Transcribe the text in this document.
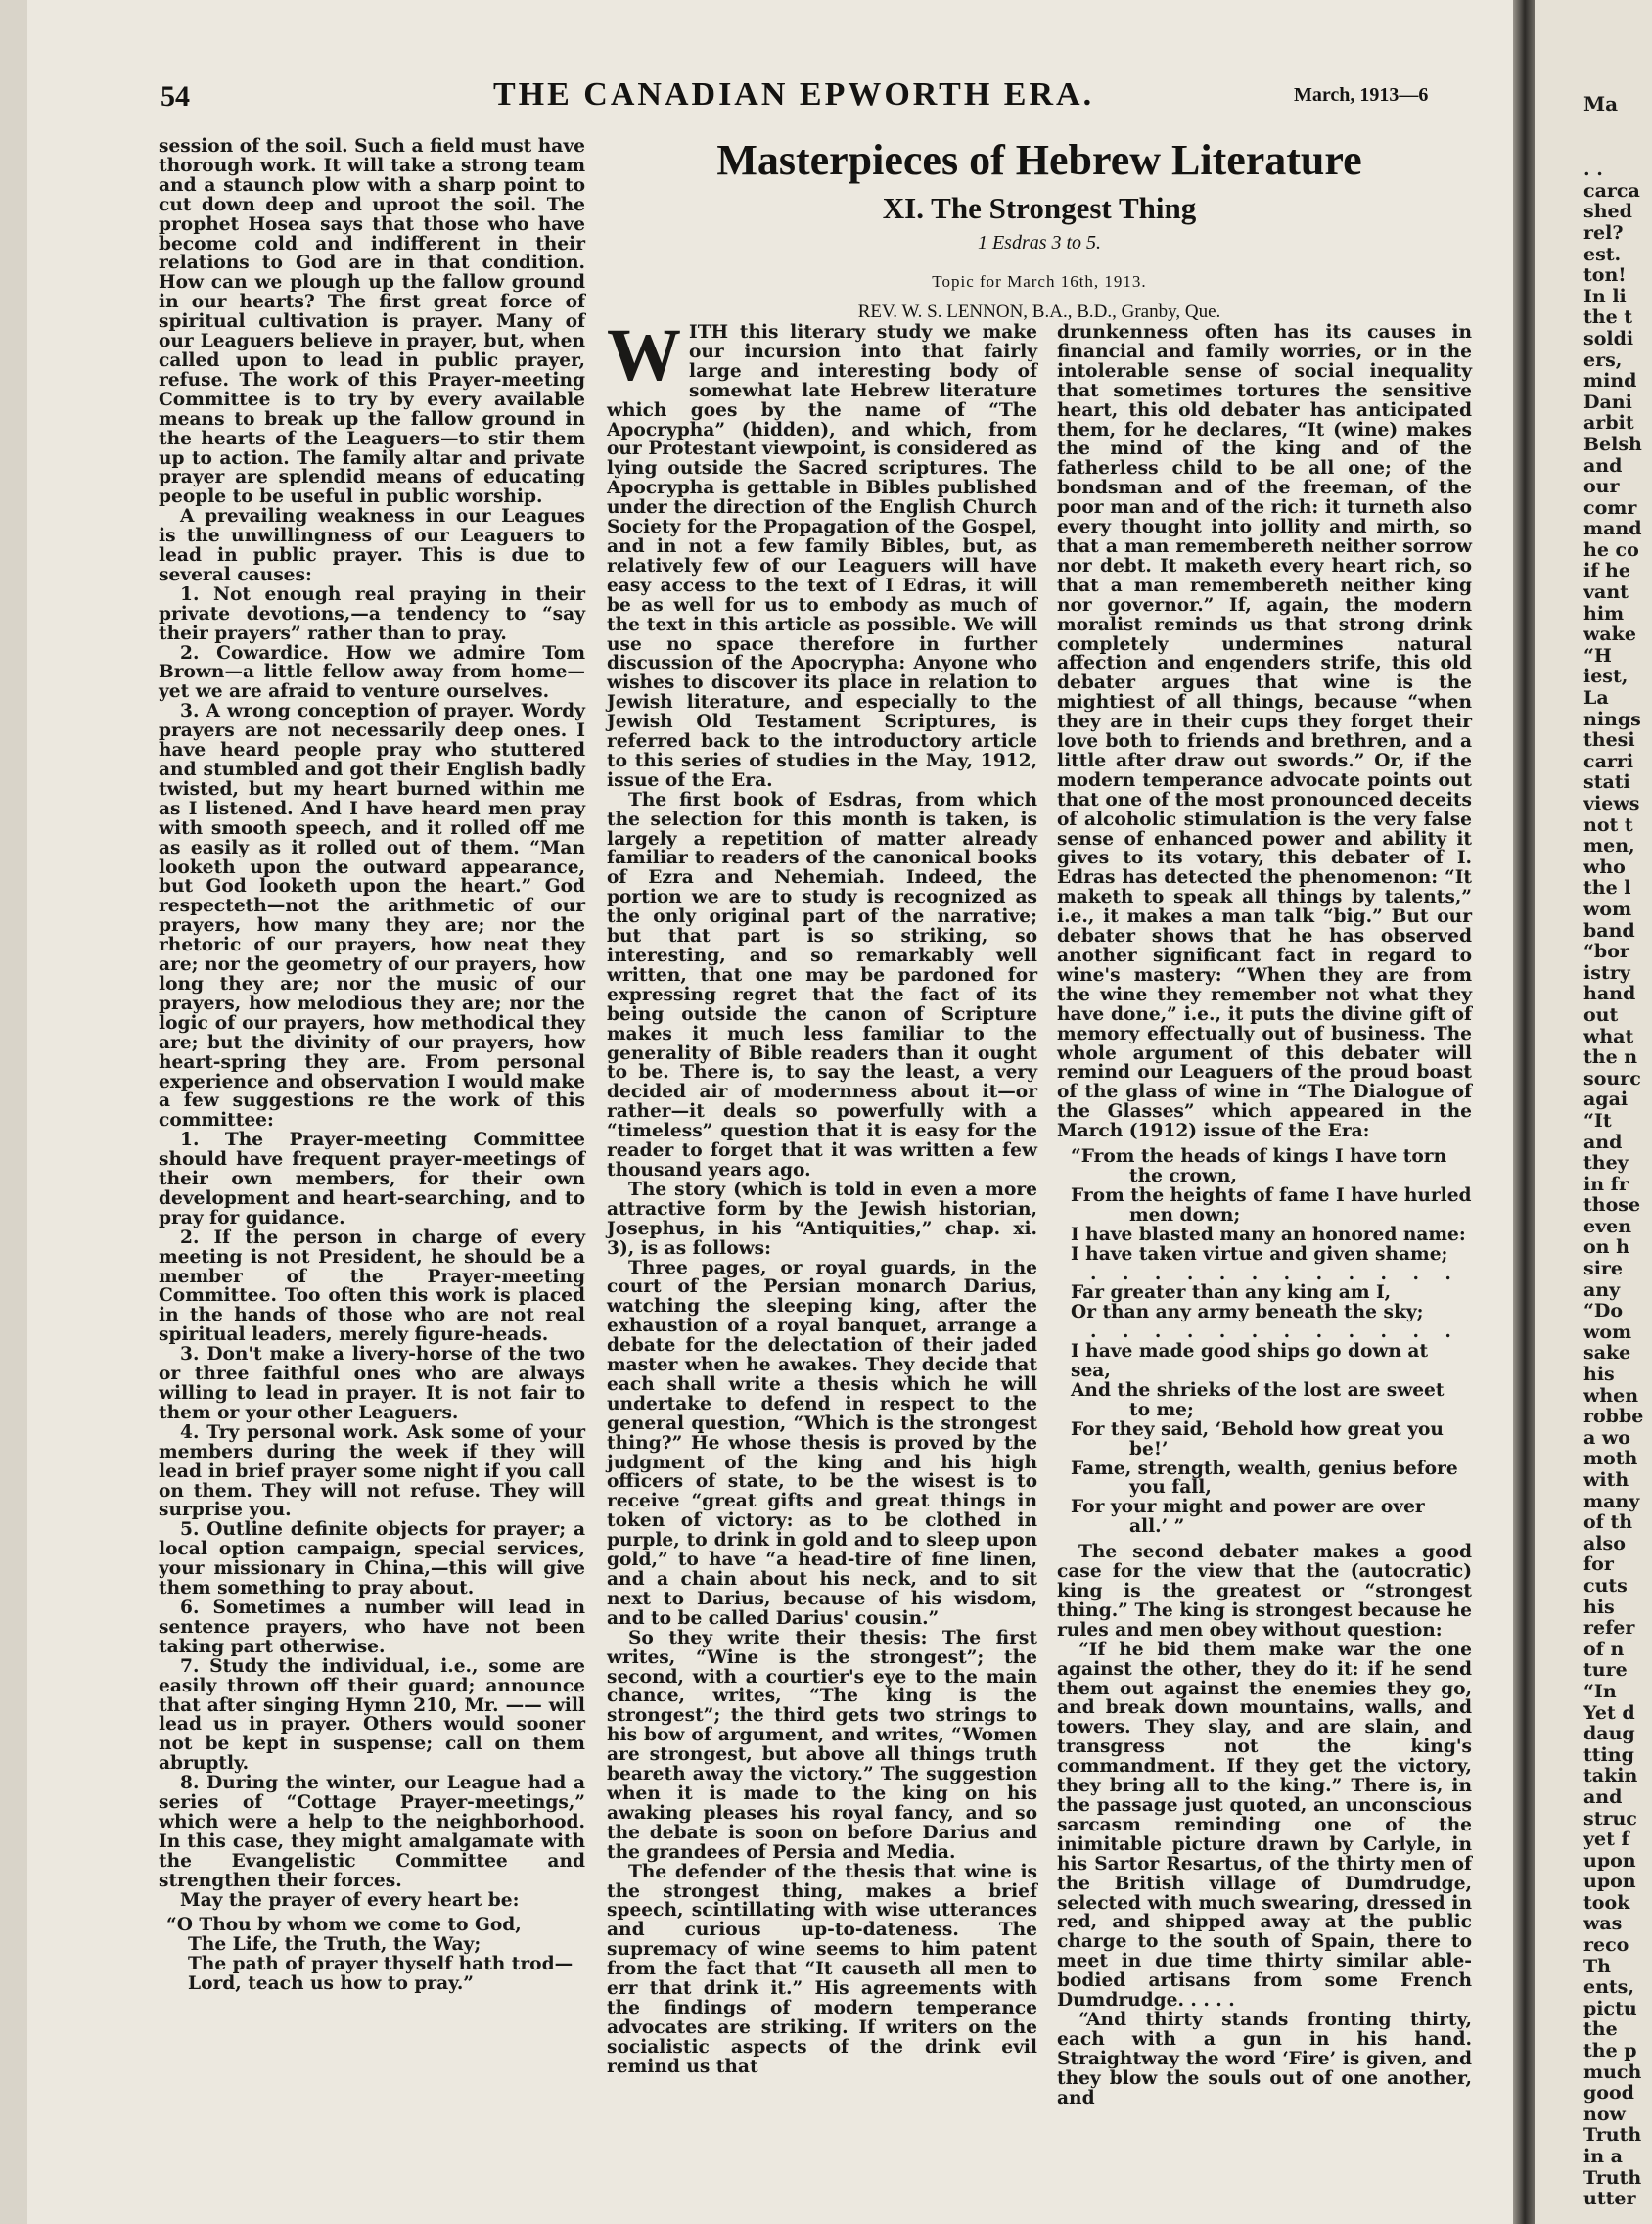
54	THE CANADIAN EPWORTH ERA.	March, 1913—6

session of the soil. Such a field must have thorough work. It will take a strong team and a staunch plow with a sharp point to cut down deep and uproot the soil. The prophet Hosea says that those who have become cold and indifferent in their relations to God are in that condition. How can we plough up the fallow ground in our hearts? The first great force of spiritual cultivation is prayer. Many of our Leaguers believe in prayer, but, when called upon to lead in public prayer, refuse. The work of this Prayer-meeting Committee is to try by every available means to break up the fallow ground in the hearts of the Leaguers—to stir them up to action. The family altar and private prayer are splendid means of educating people to be useful in public worship.

A prevailing weakness in our Leagues is the unwillingness of our Leaguers to lead in public prayer. This is due to several causes:

1. Not enough real praying in their private devotions,—a tendency to “say their prayers” rather than to pray.

2. Cowardice. How we admire Tom Brown—a little fellow away from home—yet we are afraid to venture ourselves.

3. A wrong conception of prayer. Wordy prayers are not necessarily deep ones. I have heard people pray who stuttered and stumbled and got their English badly twisted, but my heart burned within me as I listened. And I have heard men pray with smooth speech, and it rolled off me as easily as it rolled out of them. “Man looketh upon the outward appearance, but God looketh upon the heart.” God respecteth—not the arithmetic of our prayers, how many they are; nor the rhetoric of our prayers, how neat they are; nor the geometry of our prayers, how long they are; nor the music of our prayers, how melodious they are; nor the logic of our prayers, how methodical they are; but the divinity of our prayers, how heart-spring they are. From personal experience and observation I would make a few suggestions re the work of this committee:

1. The Prayer-meeting Committee should have frequent prayer-meetings of their own members, for their own development and heart-searching, and to pray for guidance.

2. If the person in charge of every meeting is not President, he should be a member of the Prayer-meeting Committee. Too often this work is placed in the hands of those who are not real spiritual leaders, merely figure-heads.

3. Don't make a livery-horse of the two or three faithful ones who are always willing to lead in prayer. It is not fair to them or your other Leaguers.

4. Try personal work. Ask some of your members during the week if they will lead in brief prayer some night if you call on them. They will not refuse. They will surprise you.

5. Outline definite objects for prayer; a local option campaign, special services, your missionary in China,—this will give them something to pray about.

6. Sometimes a number will lead in sentence prayers, who have not been taking part otherwise.

7. Study the individual, i.e., some are easily thrown off their guard; announce that after singing Hymn 210, Mr. —— will lead us in prayer. Others would sooner not be kept in suspense; call on them abruptly.

8. During the winter, our League had a series of “Cottage Prayer-meetings,” which were a help to the neighborhood. In this case, they might amalgamate with the Evangelistic Committee and strengthen their forces.

May the prayer of every heart be:

“O Thou by whom we come to God,
The Life, the Truth, the Way;
The path of prayer thyself hath trod—
Lord, teach us how to pray.”
Masterpieces of Hebrew Literature
XI. The Strongest Thing
1 Esdras 3 to 5.
Topic for March 16th, 1913.
REV. W. S. LENNON, B.A., B.D., Granby, Que.
W ITH this literary study we make our incursion into that fairly large and interesting body of somewhat late Hebrew literature which goes by the name of “The Apocrypha” (hidden), and which, from our Protestant viewpoint, is considered as lying outside the Sacred scriptures. The Apocrypha is gettable in Bibles published under the direction of the English Church Society for the Propagation of the Gospel, and in not a few family Bibles, but, as relatively few of our Leaguers will have easy access to the text of I Edras, it will be as well for us to embody as much of the text in this article as possible. We will use no space therefore in further discussion of the Apocrypha: Anyone who wishes to discover its place in relation to Jewish literature, and especially to the Jewish Old Testament Scriptures, is referred back to the introductory article to this series of studies in the May, 1912, issue of the Era.

The first book of Esdras, from which the selection for this month is taken, is largely a repetition of matter already familiar to readers of the canonical books of Ezra and Nehemiah. Indeed, the portion we are to study is recognized as the only original part of the narrative; but that part is so striking, so interesting, and so remarkably well written, that one may be pardoned for expressing regret that the fact of its being outside the canon of Scripture makes it much less familiar to the generality of Bible readers than it ought to be. There is, to say the least, a very decided air of modernness about it—or rather—it deals so powerfully with a “timeless” question that it is easy for the reader to forget that it was written a few thousand years ago.

The story (which is told in even a more attractive form by the Jewish historian, Josephus, in his “Antiquities,” chap. xi. 3), is as follows:

Three pages, or royal guards, in the court of the Persian monarch Darius, watching the sleeping king, after the exhaustion of a royal banquet, arrange a debate for the delectation of their jaded master when he awakes. They decide that each shall write a thesis which he will undertake to defend in respect to the general question, “Which is the strongest thing?” He whose thesis is proved by the judgment of the king and his high officers of state, to be the wisest is to receive “great gifts and great things in token of victory: as to be clothed in purple, to drink in gold and to sleep upon gold,” to have “a head-tire of fine linen, and a chain about his neck, and to sit next to Darius, because of his wisdom, and to be called Darius' cousin.”

So they write their thesis: The first writes, “Wine is the strongest”; the second, with a courtier's eye to the main chance, writes, “The king is the strongest”; the third gets two strings to his bow of argument, and writes, “Women are strongest, but above all things truth beareth away the victory.” The suggestion when it is made to the king on his awaking pleases his royal fancy, and so the debate is soon on before Darius and the grandees of Persia and Media.

The defender of the thesis that wine is the strongest thing, makes a brief speech, scintillating with wise utterances and curious up-to-dateness. The supremacy of wine seems to him patent from the fact that “It causeth all men to err that drink it.” His agreements with the findings of modern temperance advocates are striking. If writers on the socialistic aspects of the drink evil remind us that

drunkenness often has its causes in financial and family worries, or in the intolerable sense of social inequality that sometimes tortures the sensitive heart, this old debater has anticipated them, for he declares, “It (wine) makes the mind of the king and of the fatherless child to be all one; of the bondsman and of the freeman, of the poor man and of the rich: it turneth also every thought into jollity and mirth, so that a man remembereth neither sorrow nor debt. It maketh every heart rich, so that a man remembereth neither king nor governor.” If, again, the modern moralist reminds us that strong drink completely undermines natural affection and engenders strife, this old debater argues that wine is the mightiest of all things, because “when they are in their cups they forget their love both to friends and brethren, and a little after draw out swords.” Or, if the modern temperance advocate points out that one of the most pronounced deceits of alcoholic stimulation is the very false sense of enhanced power and ability it gives to its votary, this debater of I. Edras has detected the phenomenon: “It maketh to speak all things by talents,” i.e., it makes a man talk “big.” But our debater shows that he has observed another significant fact in regard to wine's mastery: “When they are from the wine they remember not what they have done,” i.e., it puts the divine gift of memory effectually out of business. The whole argument of this debater will remind our Leaguers of the proud boast of the glass of wine in “The Dialogue of the Glasses” which appeared in the March (1912) issue of the Era:

“From the heads of kings I have torn
the crown,
From the heights of fame I have hurled
men down;
I have blasted many an honored name:
I have taken virtue and given shame;
. . . . . . . . . . . .
Far greater than any king am I,
Or than any army beneath the sky;
. . . . . . . . . . . .
I have made good ships go down at sea,
And the shrieks of the lost are sweet
to me;
For they said, ‘Behold how great you
be!’
Fame, strength, wealth, genius before
you fall,
For your might and power are over
all.’ ”

The second debater makes a good case for the view that the (autocratic) king is the greatest or “strongest thing.” The king is strongest because he rules and men obey without question:

“If he bid them make war the one against the other, they do it: if he send them out against the enemies they go, and break down mountains, walls, and towers. They slay, and are slain, and transgress not the king's commandment. If they get the victory, they bring all to the king.” There is, in the passage just quoted, an unconscious sarcasm reminding one of the inimitable picture drawn by Carlyle, in his Sartor Resartus, of the thirty men of the British village of Dumdrudge, selected with much swearing, dressed in red, and shipped away at the public charge to the south of Spain, there to meet in due time thirty similar able-bodied artisans from some French Dumdrudge. . . . .

“And thirty stands fronting thirty, each with a gun in his hand. Straightway the word ‘Fire’ is given, and they blow the souls out of one another, and

Ma

. .
carca
shed
rel?
est.
ton!
In li
the t
soldi
ers,
mind
Dani
arbit
Belsh
and
our
comr
mand
he co
if he
vant
him
wake
“H
iest,
La
nings
thesi
carri
stati
views
not t
men,
who
the l
wom
band
“bor
istry
hand
out
what
the n
sourc
agai
“It
and
they
in fr
those
even
on h
sire
any
“Do
wom
sake
his
when
robbe
a wo
moth
with
many
of th
also
for
cuts
his
refer
of n
ture
“In
Yet d
daug
tting
takin
and
struc
yet f
upon
upon
took
was
reco
Th
ents,
pictu
the
the p
much
good
now
Truth
in a
Truth
utter
